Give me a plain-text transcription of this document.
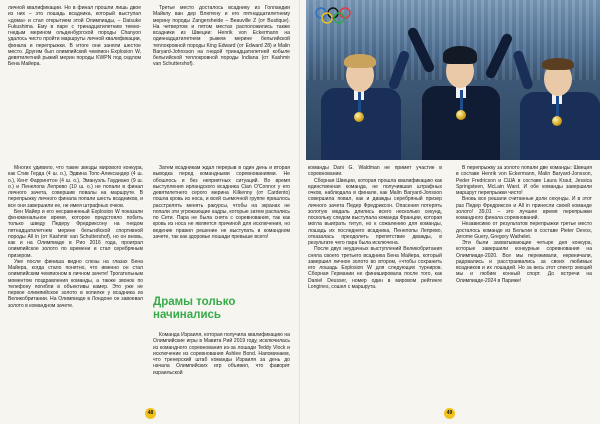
личной квалификации. Но в финал прошли лишь двое из них – это лошадь всадника, который выступал «дома» и стал открытием этой Олимпиады, – Daisuke Fukushima. Ему в паре с тринадцатилетним темно-гнедым мерином ольденбургской породы Chanyon удалось чисто пройти маршруты личной квалификации, финала и перепрыжки. В итоге они заняли шестое место. Другим был олимпийский чемпион Explosion W, девятилетний рыжий мерин породы KWPN под седлом Бена Майера.

Третье место досталось всаднику из Голландии Майклу ван дер Влютену и его пятнадцатилетнему мерину породы Zangersheide – Beauville Z (от Bustique). На четвертом и пятом местах расположились также всадники из Швеции: Henrik von Eckermann на одиннадцатилетнем рыжем мерине бельгийской теплокровной породы King Edward (от Edward 28) и Malin Baryard-Johnsson на гнедой тринадцатилетней кобыле бельгийской теплокровной породы Indiana (от Kashmir van Schuttershof).

Многих удивило, что такие звезды мирового конкура, как Стив Герда (4 ш. о.), Эдвина Топс-Александер (4 ш. о.), Кент Фаррингтон (4 ш. о.), Эмануэль Гаудиано (9 ш. о.) и Пенелопа Лепрево (10 ш. о.) не попали в финал личного зачета, совершив повалы на маршруте. В перепрыжку личного финала попали шесть всадников, и все они завершили ее, не имея штрафных очков.

Бен Майер и его несравненный Explosion W показали феноменальное время, которое предстояло побить только шведу Педеру Фредриксону на гнедом пятнадцатилетнем мерине бельгийской спортивной породы All in (от Kashmir van Schuttershof), но он вновь, как и на Олимпиаде в Рио 2016 года, проиграл олимпийское золото по времени и стал серебряным призером.

Уже после финиша видно слезы на глазах Бена Майера, когда стало понятно, что именно он стал олимпийским чемпионом в личном зачете! Трогательным моментом поздравления команды, а также звонок по телефону погибли в объективы камер. Это уже не первое олимпийское золото в копилке у всадника из Великобритании. На Олимпиаде в Лондоне он завоевал золото в командном зачете.

Затем всадникам ждал перерыв в один день и вторая выводка перед командными соревнованиями. Не обошлось и без неприятных ситуаций. Во время выступления ирландского всадника Cian O'Connor у его девятилетнего серого мерина Kilkenny (от Cardento) пошла кровь из носа, и всей сьемочной группе пришлось расстрелять менять ракурсы, чтобы на экранах не попали эти угрожающие кадры, которые затем распались по Сети. Пара не была снята с соревнования, так как кровь из носа не является причиной для исключения, но ведение правил решение не выступать в командном зачете, так как здоровье лошади превыше всего!

Драмы только начинались

Команда Израиля, которая получила квалификацию на Олимпийские игры в Мавита Рий 2019 году, исключилась из командного соревнования из-за лошади Teddy Vlock и исключение из соревнования Ashlee Bond. Напоминаем, что тренерский штаб команды Израиля за день до начала Олимпийских игр объявил, что фаворит израильской

48

команды Dani G. Waldman не примет участие в соревновании.

Сборная Швеции, которая прошла квалификацию как единственная команда, не получившая штрафных очков, наблюдала в финале, как Malin Baryard-Jonsson совершила повал, как и дважды серебряный призер личного зачета Педер Фредриксон. Опасения потерять золотую медаль длились всего несколько секунд, поскольку следом выступала команда Франции, которая могла выиграть титул, но к сожалению для команды, лошадь их последнего всадника, Пенелопы Лепрево, отказалась преодолеть препятствие дважды, в результате чего пара была исключена.

После двух неудачных выступлений Великобритания сняла своего третьего всадника Бена Майера, который завершил личное золото во втором, «чтобы сохранить его лошадь Explosion W для следующих турниров. Сборная Германии не финишировала после того, как Daniel Deusser, номер один в мировом рейтинге Longines, сошел с маршрута.

В перепрыжку за золото попали две команды: Швеция в составе Henrik von Eckermann, Malin Baryard-Jonsson, Peder Fredricson и США в составе Laura Kraut, Jessica Springsteen, McLain Ward. И обе команды завершили маршрут перепрыжки чисто!

Вновь все решали считанные доли секунды. И в этот раз Педер Фредриксон и All in принесли своей команде золото! 39,01 – это лучшее время перепрыжки командного финала соревнований.

Независимо от результатов перепрыжки третье место досталось команде из Бельгии в составе Pieter Devos, Jerome Guery, Gregory Wathelet.

Эти были захватывающие четыре дня конкура, которые завершили конкурные соревнования на Олимпиаде-2020. Все мы переживали, нервничали, радовались и расстраивались за своих любимых всадников и их лошадей. Но за весь этот спектр эмоций мы и любим конный спорт. До встречи на Олимпиаде-2024 в Париже!

49
